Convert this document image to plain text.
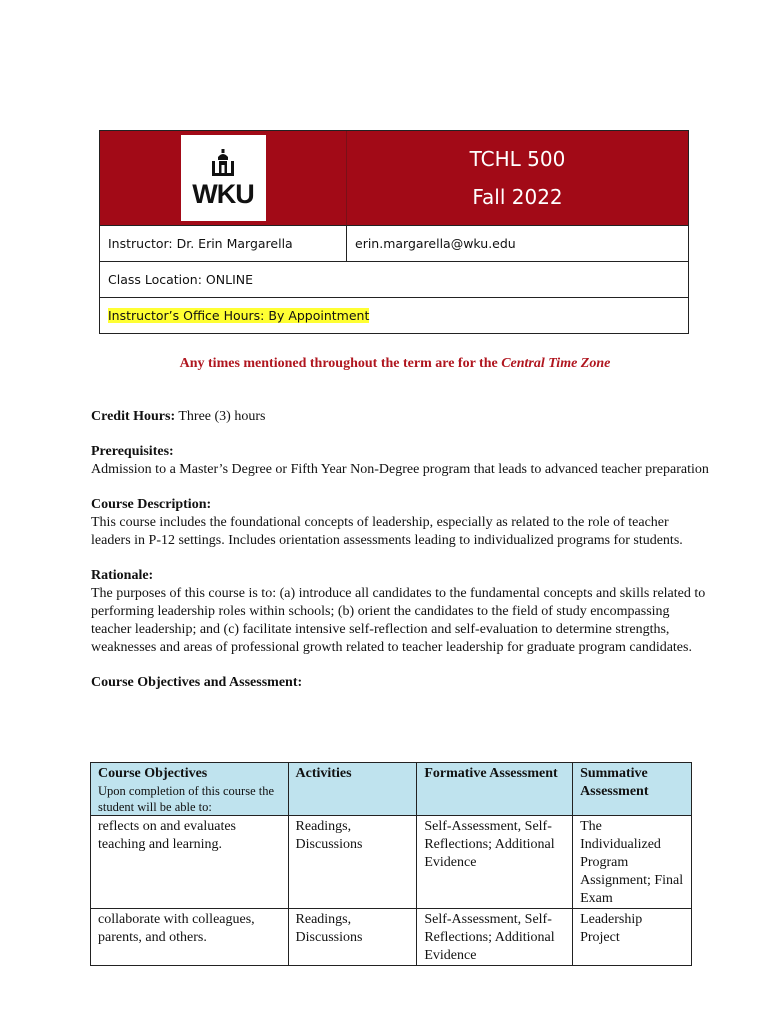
WKU
TCHL 500
Fall 2022
Instructor: Dr. Erin Margarella	erin.margarella@wku.edu
Class Location: ONLINE
Instructor’s Office Hours: By Appointment
Any times mentioned throughout the term are for the Central Time Zone
Credit Hours: Three (3) hours
Prerequisites:
Admission to a Master’s Degree or Fifth Year Non-Degree program that leads to advanced teacher preparation
Course Description:
This course includes the foundational concepts of leadership, especially as related to the role of teacher leaders in P-12 settings. Includes orientation assessments leading to individualized programs for students.
Rationale:
The purposes of this course is to: (a) introduce all candidates to the fundamental concepts and skills related to performing leadership roles within schools; (b) orient the candidates to the field of study encompassing teacher leadership; and (c) facilitate intensive self-reflection and self-evaluation to determine strengths, weaknesses and areas of professional growth related to teacher leadership for graduate program candidates.
Course Objectives and Assessment:
Course Objectives
Upon completion of this course the student will be able to:	Activities	Formative Assessment	Summative Assessment
reflects on and evaluates teaching and learning.	Readings, Discussions	Self-Assessment, Self-Reflections; Additional Evidence	The Individualized Program Assignment; Final Exam
collaborate with colleagues, parents, and others.	Readings, Discussions	Self-Assessment, Self-Reflections; Additional Evidence	Leadership Project
